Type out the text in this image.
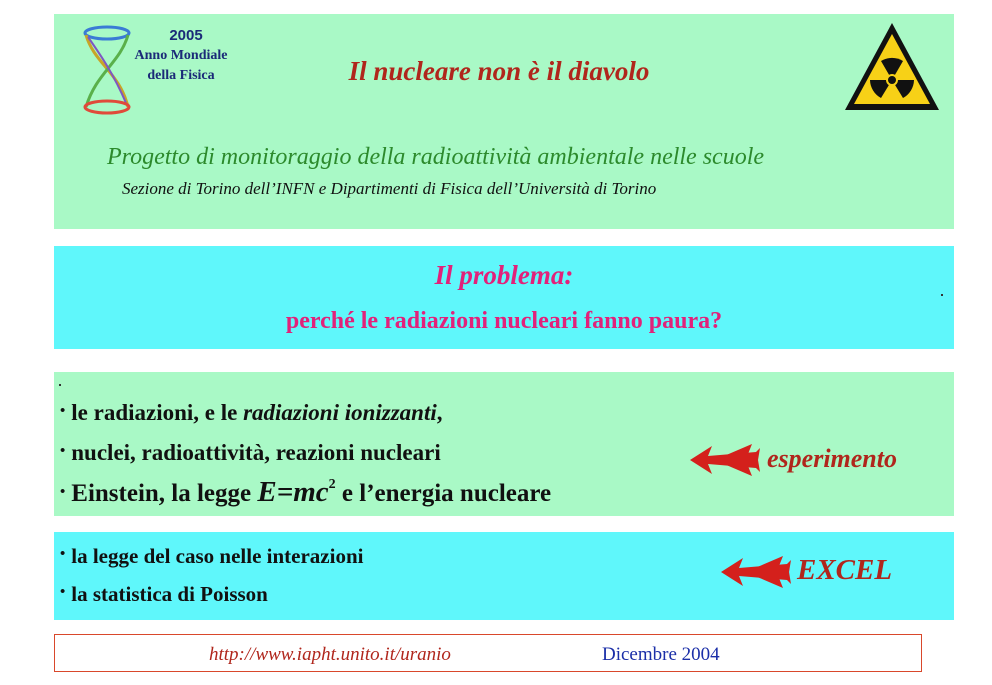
2005
Anno Mondiale
della Fisica	Il nucleare non è il diavolo
Progetto di monitoraggio della radioattività ambientale nelle scuole
Sezione di Torino dell’INFN e Dipartimenti di Fisica dell’Università di Torino
Il problema:
perché le radiazioni nucleari fanno paura?
• le radiazioni, e le radiazioni ionizzanti,
• nuclei, radioattività, reazioni nucleari
• Einstein, la legge $E=mc^2$ e l’energia nucleare
esperimento
• la legge del caso nelle interazioni
• la statistica di Poisson
EXCEL
http://www.iapht.unito.it/uranio	Dicembre 2004
